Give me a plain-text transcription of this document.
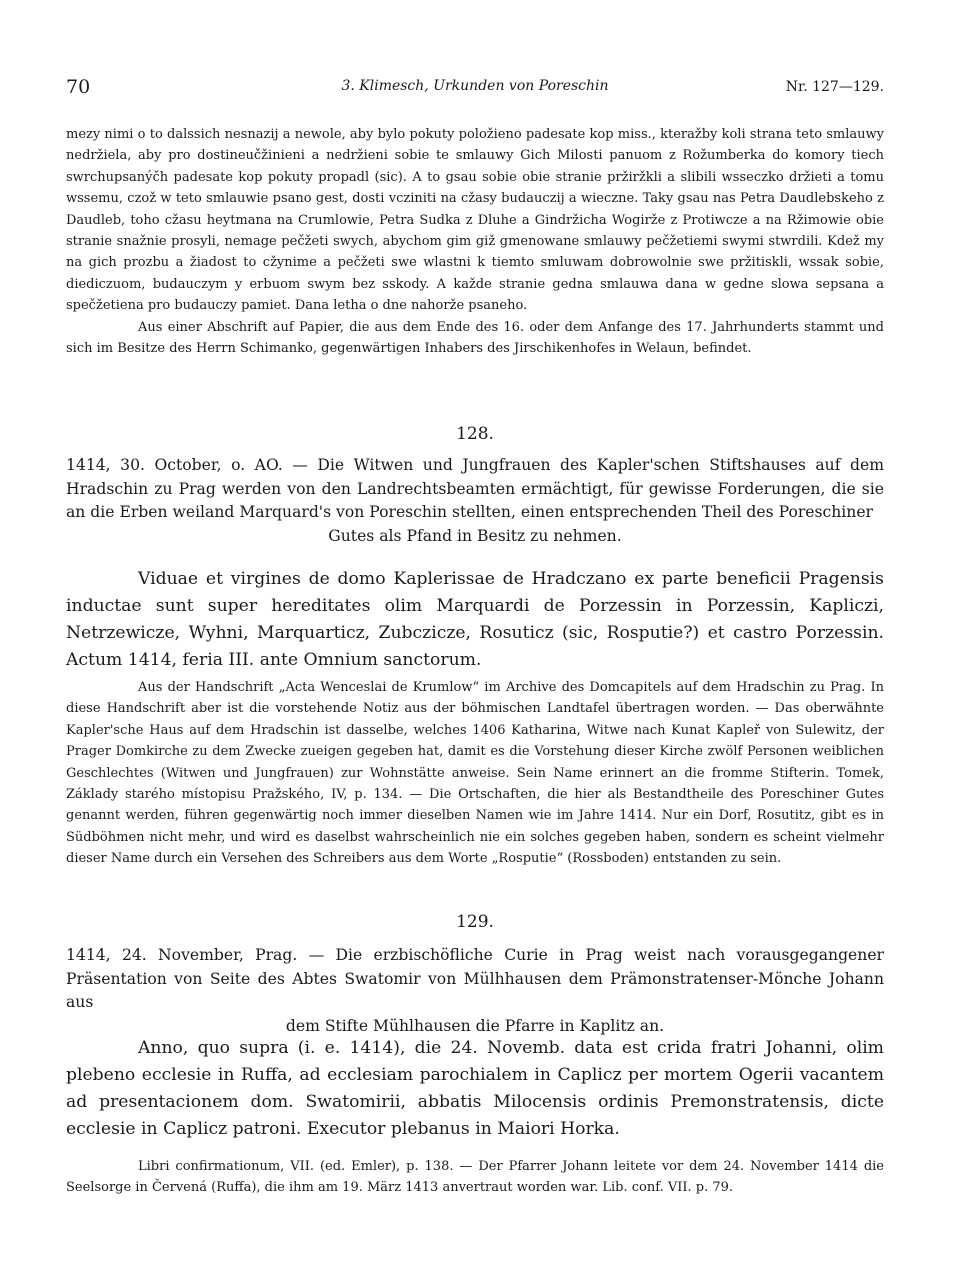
70	3. Klimesch, Urkunden von Poreschin	Nr. 127—129.

mezy nimi o to dalssich nesnazij a newole, aby bylo pokuty položieno padesate kop miss., kteražby koli strana teto smlauwy nedržiela, aby pro dostineučžinieni a nedržieni sobie te smlauwy Gich Milosti panuom z Rožumberka do komory tiech swrchupsanýčh padesate kop pokuty propadl (sic). A to gsau sobie obie stranie pržiržkli a slibili wsseczko držieti a tomu wssemu, czož w teto smlauwie psano gest, dosti vcziniti na cžasy budauczij a wieczne. Taky gsau nas Petra Daudlebskeho z Daudleb, toho cžasu heytmana na Crumlowie, Petra Sudka z Dluhe a Gindržicha Wogirže z Protiwcze a na Ržimowie obie stranie snažnie prosyli, nemage pečžeti swych, abychom gim giž gmenowane smlauwy pečžetiemi swymi stwrdili. Kdež my na gich prozbu a žiadost to cžynime a pečžeti swe wlastni k tiemto smluwam dobrowolnie swe pržitiskli, wssak sobie, diediczuom, budauczym y erbuom swym bez sskody. A každe stranie gedna smlauwa dana w gedne slowa sepsana a spečžetiena pro budauczy pamiet. Dana letha o dne nahorže psaneho.

Aus einer Abschrift auf Papier, die aus dem Ende des 16. oder dem Anfange des 17. Jahrhunderts stammt und sich im Besitze des Herrn Schimanko, gegenwärtigen Inhabers des Jirschikenhofes in Welaun, befindet.

128.

1414, 30. October, o. AO. — Die Witwen und Jungfrauen des Kapler'schen Stiftshauses auf dem Hradschin zu Prag werden von den Landrechtsbeamten ermächtigt, für gewisse Forderungen, die sie an die Erben weiland Marquard's von Poreschin stellten, einen entsprechenden Theil des Poreschiner

Gutes als Pfand in Besitz zu nehmen.

Viduae et virgines de domo Kaplerissae de Hradczano ex parte beneficii Pragensis inductae sunt super hereditates olim Marquardi de Porzessin in Porzessin, Kapliczi, Netrzewicze, Wyhni, Marquarticz, Zubczicze, Rosuticz (sic, Rosputie?) et castro Porzessin. Actum 1414, feria III. ante Omnium sanctorum.

Aus der Handschrift „Acta Wenceslai de Krumlow“ im Archive des Domcapitels auf dem Hradschin zu Prag. In diese Handschrift aber ist die vorstehende Notiz aus der böhmischen Landtafel übertragen worden. — Das oberwähnte Kapler'sche Haus auf dem Hradschin ist dasselbe, welches 1406 Katharina, Witwe nach Kunat Kapleř von Sulewitz, der Prager Domkirche zu dem Zwecke zueigen gegeben hat, damit es die Vorstehung dieser Kirche zwölf Personen weiblichen Geschlechtes (Witwen und Jungfrauen) zur Wohnstätte anweise. Sein Name erinnert an die fromme Stifterin. Tomek, Základy starého místopisu Pražského, IV, p. 134. — Die Ortschaften, die hier als Bestandtheile des Poreschiner Gutes genannt werden, führen gegenwärtig noch immer dieselben Namen wie im Jahre 1414. Nur ein Dorf, Rosutitz, gibt es in Südböhmen nicht mehr, und wird es daselbst wahrscheinlich nie ein solches gegeben haben, sondern es scheint vielmehr dieser Name durch ein Versehen des Schreibers aus dem Worte „Rosputie“ (Rossboden) entstanden zu sein.

129.

1414, 24. November, Prag. — Die erzbischöfliche Curie in Prag weist nach vorausgegangener Präsentation von Seite des Abtes Swatomir von Mülhhausen dem Prämonstratenser-Mönche Johann aus

dem Stifte Mühlhausen die Pfarre in Kaplitz an.

Anno, quo supra (i. e. 1414), die 24. Novemb. data est crida fratri Johanni, olim plebeno ecclesie in Ruffa, ad ecclesiam parochialem in Caplicz per mortem Ogerii vacantem ad presentacionem dom. Swatomirii, abbatis Milocensis ordinis Premonstratensis, dicte ecclesie in Caplicz patroni. Executor plebanus in Maiori Horka.

Libri confirmationum, VII. (ed. Emler), p. 138. — Der Pfarrer Johann leitete vor dem 24. November 1414 die Seelsorge in Červená (Ruffa), die ihm am 19. März 1413 anvertraut worden war. Lib. conf. VII. p. 79.
